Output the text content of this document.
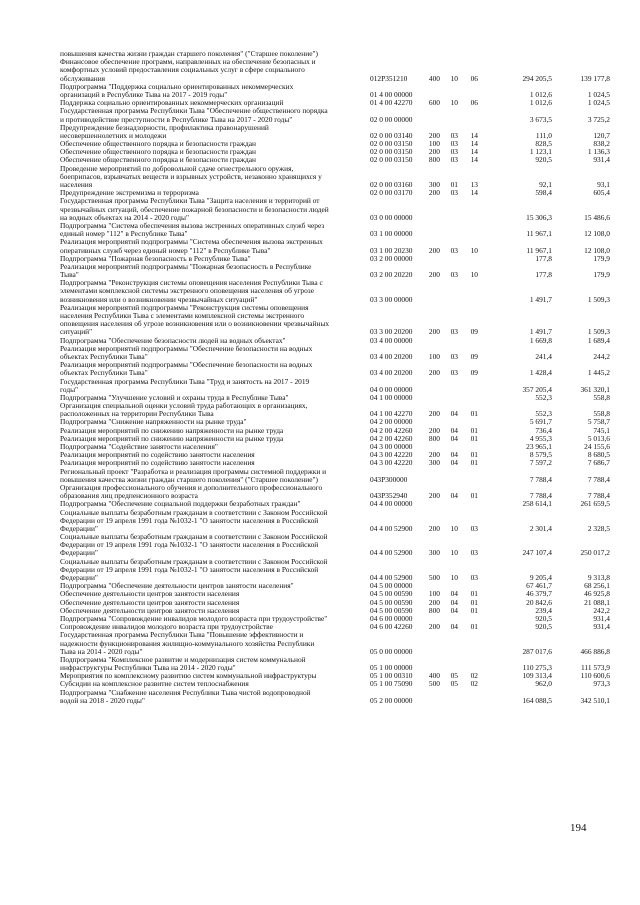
повышения качества жизни граждан старшего поколения" ("Старшее поколение")
Финансовое обеспечение программ, направленных на обеспечение безопасных и
комфортных условий предоставления социальных услуг в сфере социального
обслуживания	012P351210	400	10	06	294 205,5	139 177,8
Подпрограмма "Поддержка социально ориентированных некоммерческих
организаций в Республике Тыва на 2017 - 2019 годы"	01 4 00 00000	1 012,6	1 024,5
Поддержка социально ориентированных некоммерческих организаций	01 4 00 42270	600	10	06	1 012,6	1 024,5
Государственная программа Республики Тыва "Обеспечение общественного порядка
и противодействие преступности в Республике Тыва на 2017 - 2020 годы"	02 0 00 00000	3 673,5	3 725,2
Предупреждение безнадзорности, профилактика правонарушений
несовершеннолетних и молодежи	02 0 00 03140	200	03	14	111,0	120,7
Обеспечение общественного порядка и безопасности граждан	02 0 00 03150	100	03	14	828,5	838,2
Обеспечение общественного порядка и безопасности граждан	02 0 00 03150	200	03	14	1 123,1	1 136,3
Обеспечение общественного порядка и безопасности граждан	02 0 00 03150	800	03	14	920,5	931,4
Проведение мероприятий по добровольной сдаче огнестрельного оружия,
боеприпасов, взрывчатых веществ и взрывных устройств, незаконно хранящихся у
населения	02 0 00 03160	300	01	13	92,1	93,1
Предупреждение экстремизма и терроризма	02 0 00 03170	200	03	14	598,4	605,4
Государственная программа Республики Тыва "Защита населения и территорий от
чрезвычайных ситуаций, обеспечение пожарной безопасности и безопасности людей
на водных объектах на 2014 - 2020 годы"	03 0 00 00000	15 306,3	15 486,6
Подпрограмма "Система обеспечения вызова экстренных оперативных служб через
единый номер "112" в Республике Тыва"	03 1 00 00000	11 967,1	12 108,0
Реализация мероприятий подпрограммы "Система обеспечения вызова экстренных
оперативных служб через единый номер "112" в Республике Тыва"	03 1 00 20230	200	03	10	11 967,1	12 108,0
Подпрограмма "Пожарная безопасность в Республике Тыва"	03 2 00 00000	177,8	179,9
Реализация мероприятий подпрограммы "Пожарная безопасность в Республике
Тыва"	03 2 00 20220	200	03	10	177,8	179,9
Подпрограмма "Реконструкция системы оповещения населения Республики Тыва с
элементами комплексной системы экстренного оповещения населения об угрозе
возникновения или о возникновении чрезвычайных ситуаций"	03 3 00 00000	1 491,7	1 509,3
Реализация мероприятий подпрограммы "Реконструкция системы оповещения
населения Республики Тыва с элементами комплексной системы экстренного
оповещения населения об угрозе возникновения или о возникновении чрезвычайных
ситуаций"	03 3 00 20200	200	03	09	1 491,7	1 509,3
Подпрограмма "Обеспечение безопасности людей на водных объектах"	03 4 00 00000	1 669,8	1 689,4
Реализация мероприятий подпрограммы "Обеспечение безопасности на водных
объектах Республики Тыва"	03 4 00 20200	100	03	09	241,4	244,2
Реализация мероприятий подпрограммы "Обеспечение безопасности на водных
объектах Республики Тыва"	03 4 00 20200	200	03	09	1 428,4	1 445,2
Государственная программа Республики Тыва "Труд и занятость на 2017 - 2019
годы"	04 0 00 00000	357 205,4	361 320,1
Подпрограмма "Улучшение условий и охраны труда в Республике Тыва"	04 1 00 00000	552,3	558,8
Организация специальной оценки условий труда работающих в организациях,
расположенных на территории Республики Тыва	04 1 00 42270	200	04	01	552,3	558,8
Подпрограмма "Снижение напряженности на рынке труда"	04 2 00 00000	5 691,7	5 758,7
Реализация мероприятий по снижению напряженности на рынке труда	04 2 00 42260	200	04	01	736,4	745,1
Реализация мероприятий по снижению напряженности на рынке труда	04 2 00 42260	800	04	01	4 955,3	5 013,6
Подпрограмма "Содействие занятости населения"	04 3 00 00000	23 965,1	24 155,6
Реализация мероприятий по содействию занятости населения	04 3 00 42220	200	04	01	8 579,5	8 680,5
Реализация мероприятий по содействию занятости населения	04 3 00 42220	300	04	01	7 597,2	7 686,7
Региональный проект "Разработка и реализация программы системной поддержки и
повышения качества жизни граждан старшего поколения" ("Старшее поколение")	043P300000	7 788,4	7 788,4
Организация профессионального обучения и дополнительного профессионального
образования лиц предпенсионного возраста	043P352940	200	04	01	7 788,4	7 788,4
Подпрограмма "Обеспечение социальной поддержки безработных граждан"	04 4 00 00000	258 614,1	261 659,5
Социальные выплаты безработным гражданам в соответствии с Законом Российской
Федерации от 19 апреля 1991 года №1032-1 "О занятости населения в Российской
Федерации"	04 4 00 52900	200	10	03	2 301,4	2 328,5
Социальные выплаты безработным гражданам в соответствии с Законом Российской
Федерации от 19 апреля 1991 года №1032-1 "О занятости населения в Российской
Федерации"	04 4 00 52900	300	10	03	247 107,4	250 017,2
Социальные выплаты безработным гражданам в соответствии с Законом Российской
Федерации от 19 апреля 1991 года №1032-1 "О занятости населения в Российской
Федерации"	04 4 00 52900	500	10	03	9 205,4	9 313,8
Подпрограмма "Обеспечение деятельности центров занятости населения"	04 5 00 00000	67 461,7	68 256,1
Обеспечение деятельности центров занятости населения	04 5 00 00590	100	04	01	46 379,7	46 925,8
Обеспечение деятельности центров занятости населения	04 5 00 00590	200	04	01	20 842,6	21 088,1
Обеспечение деятельности центров занятости населения	04 5 00 00590	800	04	01	239,4	242,2
Подпрограмма "Сопровождение инвалидов молодого возраста при трудоустройстве"	04 6 00 00000	920,5	931,4
Сопровождение инвалидов молодого возраста при трудоустройстве	04 6 00 42260	200	04	01	920,5	931,4
Государственная программа Республики Тыва "Повышение эффективности и
надежности функционирования жилищно-коммунального хозяйства Республики
Тыва на 2014 - 2020 годы"	05 0 00 00000	287 017,6	466 886,8
Подпрограмма "Комплексное развитие и модернизация систем коммунальной
инфраструктуры Республики Тыва на 2014 - 2020 годы"	05 1 00 00000	110 275,3	111 573,9
Мероприятия по комплексному развитию систем коммунальной инфраструктуры	05 1 00 00310	400	05	02	109 313,4	110 600,6
Субсидии на комплексное развитие систем теплоснабжения	05 1 00 75090	500	05	02	962,0	973,3
Подпрограмма "Снабжение населения Республики Тыва чистой водопроводной
водой на 2018 - 2020 годы"	05 2 00 00000	164 088,5	342 510,1
194
